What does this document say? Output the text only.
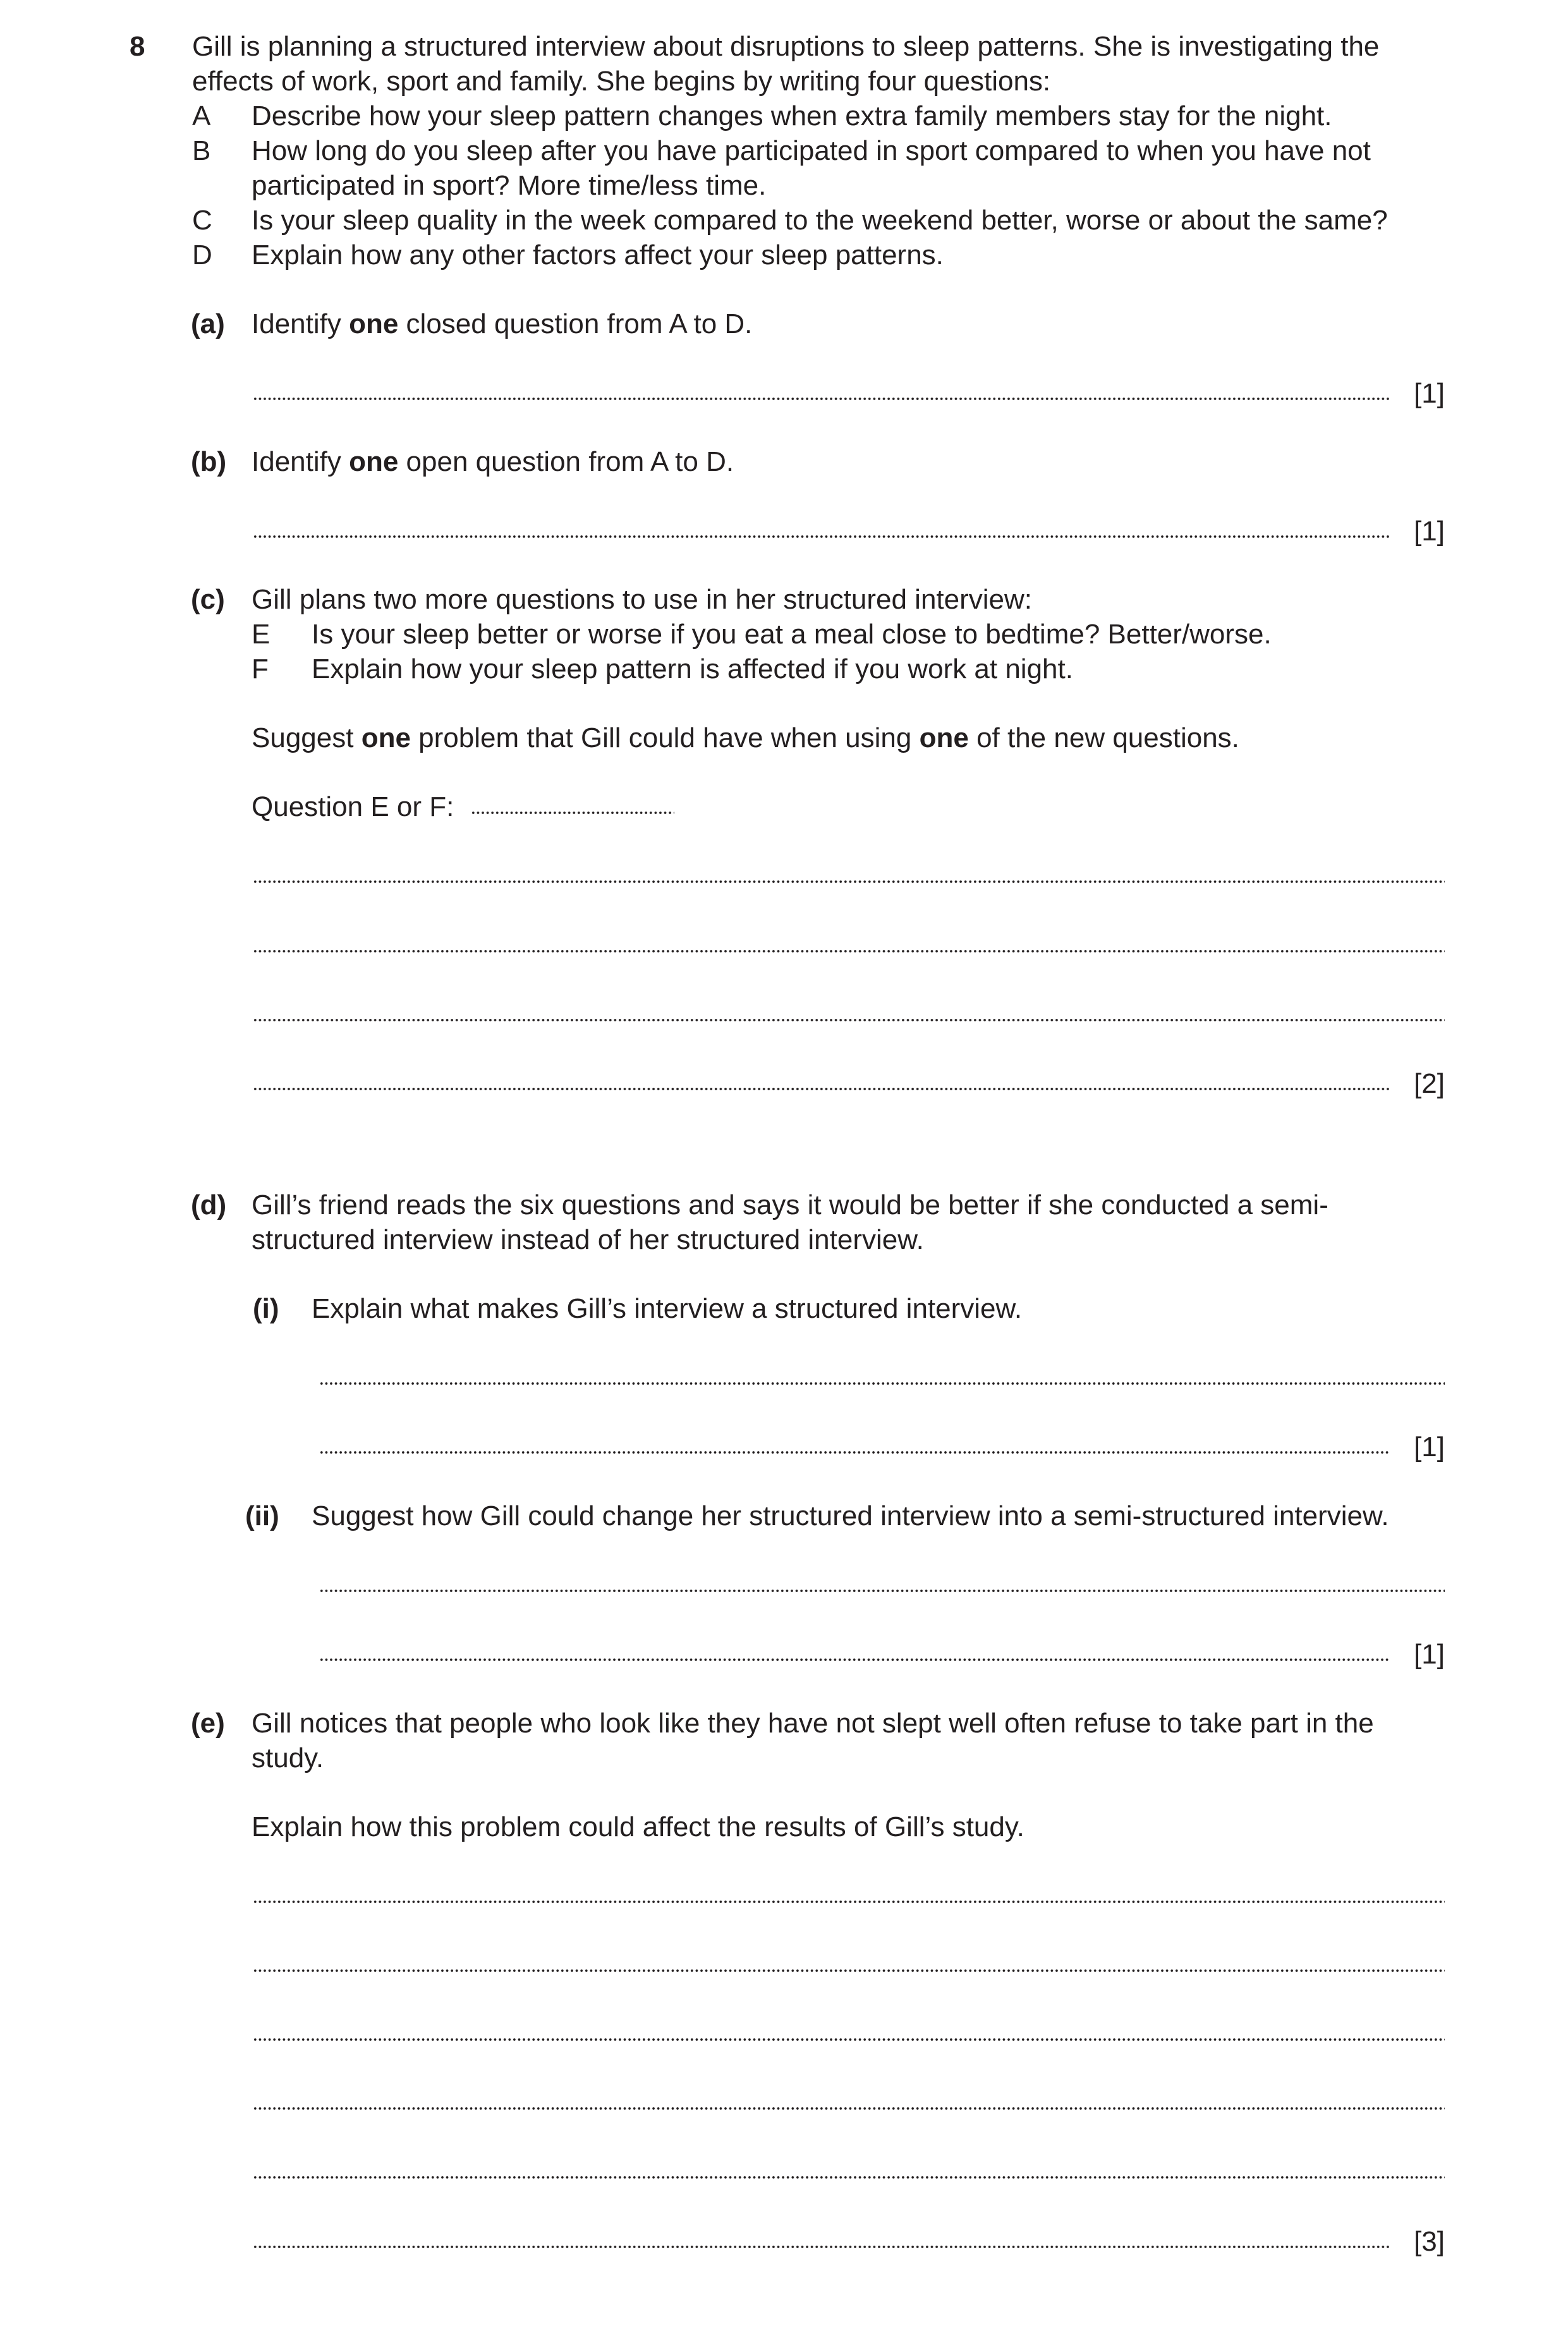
8 Gill is planning a structured interview about disruptions to sleep patterns. She is investigating the
effects of work, sport and family. She begins by writing four questions:
A Describe how your sleep pattern changes when extra family members stay for the night.
B How long do you sleep after you have participated in sport compared to when you have not
participated in sport? More time/less time.
C Is your sleep quality in the week compared to the weekend better, worse or about the same?
D Explain how any other factors affect your sleep patterns.
(a) Identify one closed question from A to D.
[1]
(b) Identify one open question from A to D.
[1]
(c) Gill plans two more questions to use in her structured interview:
E Is your sleep better or worse if you eat a meal close to bedtime? Better/worse.
F Explain how your sleep pattern is affected if you work at night.
Suggest one problem that Gill could have when using one of the new questions.
Question E or F:
[2]
(d) Gill’s friend reads the six questions and says it would be better if she conducted a semi-
structured interview instead of her structured interview.
(i) Explain what makes Gill’s interview a structured interview.
[1]
(ii) Suggest how Gill could change her structured interview into a semi-structured interview.
[1]
(e) Gill notices that people who look like they have not slept well often refuse to take part in the
study.
Explain how this problem could affect the results of Gill’s study.
[3]
